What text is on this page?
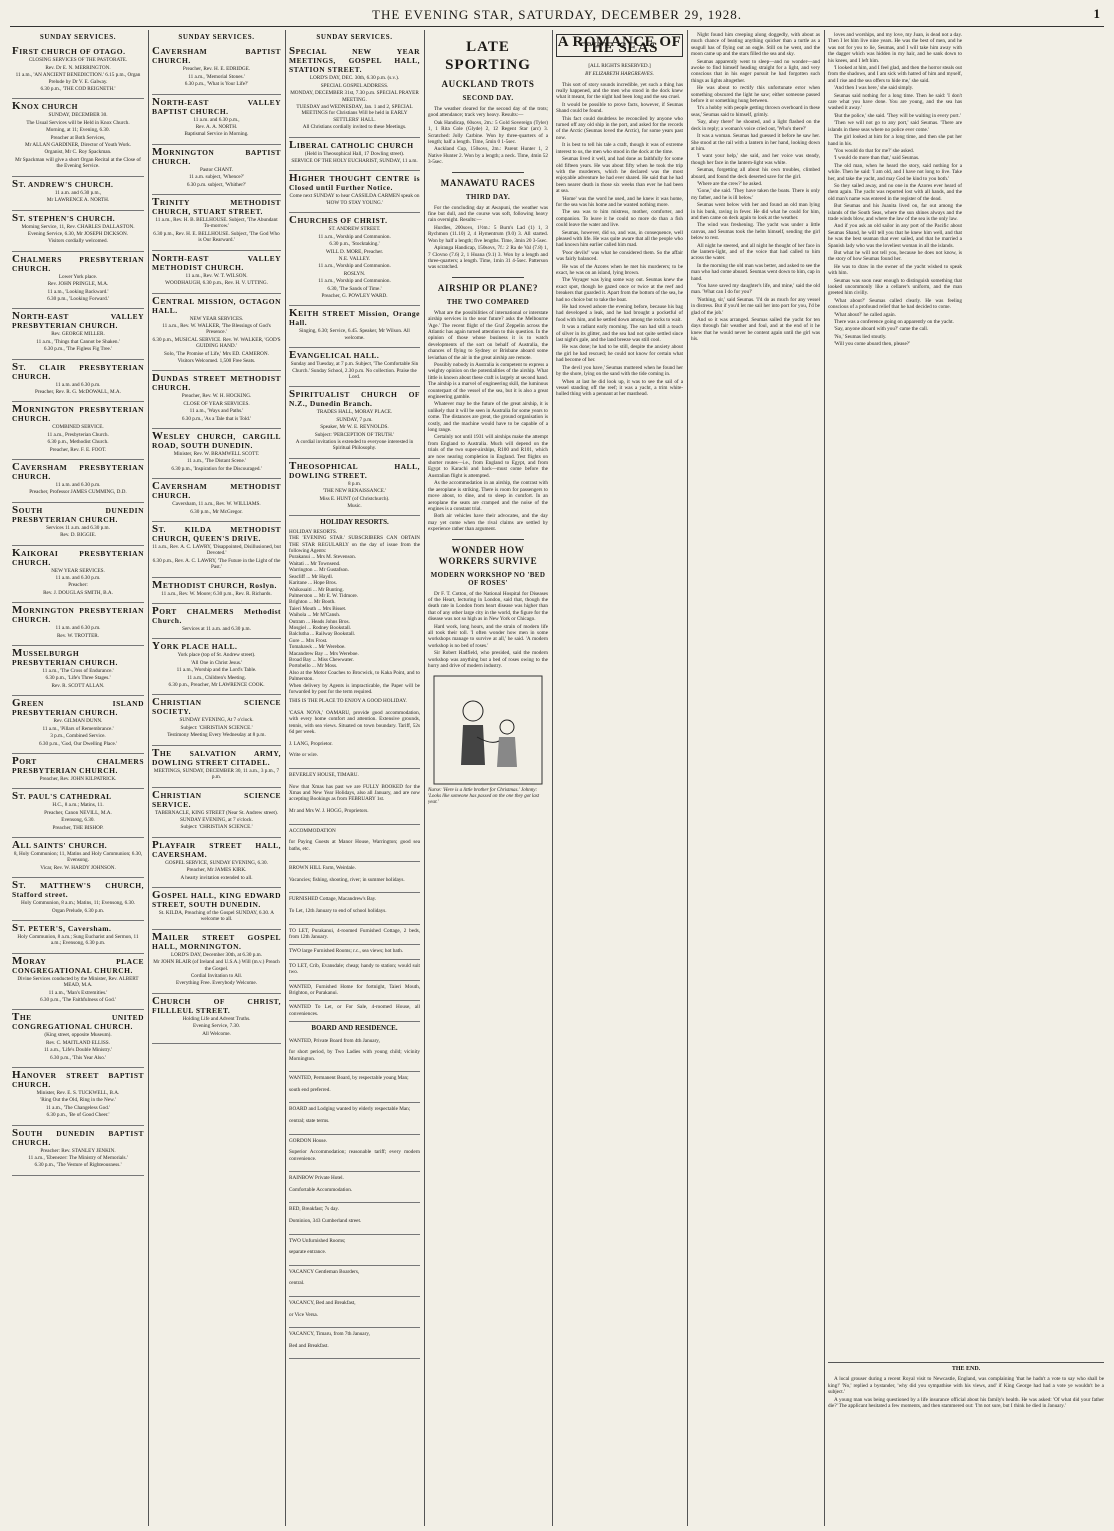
THE EVENING STAR, SATURDAY, DECEMBER 29, 1928.	1
SUNDAY SERVICES.
FIRST CHURCH OF OTAGO.

CLOSING SERVICES OF THE PASTORATE.

Rev. Dr E. N. MERRINGTON.

11 a.m., 'AN ANCIENT BENEDICTION.' 6.15 p.m., Organ Prelude by Dr V. E. Galway.

6.30 p.m., 'THE COD REIGNETH.'

KNOX CHURCH

SUNDAY, DECEMBER 30.

The Usual Services will be Held in Knox Church.

Morning, at 11; Evening, 6.30.

Preacher at Both Services,

Mr ALLAN GARDINER, Director of Youth Work.

Organist, Mr C. Roy Spackman.

Mr Spackman will give a short Organ Recital at the Close of the Evening Service.

ST. ANDREW'S CHURCH.

11 a.m. and 6.30 p.m.,

Mr LAWRENCE A. NORTH.

ST. STEPHEN'S CHURCH.

Morning Service, 11, Rev. CHARLES DALLASTON.

Evening Service, 6.30, Mr JOSEPH DICKSON.

Visitors cordially welcomed.

CHALMERS PRESBYTERIAN CHURCH.

Lower York place.

Rev. JOHN PRINGLE, M.A.

11 a.m., 'Looking Backward.'

6.30 p.m., 'Looking Forward.'

NORTH-EAST VALLEY PRESBYTERIAN CHURCH.

Rev. GEORGE MILLER.

11 a.m., 'Things that Cannot be Shaken.'

6.30 p.m., 'The Figless Fig Tree.'

ST. CLAIR PRESBYTERIAN CHURCH.

11 a.m. and 6.30 p.m.

Preacher, Rev. R. G. McDOWALL, M.A.

MORNINGTON PRESBYTERIAN CHURCH.

COMBINED SERVICE.

11 a.m., Presbyterian Church.

6.30 p.m., Methodist Church.

Preacher, Rev. F. E. FOOT.

CAVERSHAM PRESBYTERIAN CHURCH.

11 a.m. and 6.30 p.m.

Preacher, Professor JAMES CUMMING, D.D.

SOUTH DUNEDIN PRESBYTERIAN CHURCH.

Services 11 a.m. and 6.30 p.m.

Rev. D. BIGGIE.

KAIKORAI PRESBYTERIAN CHURCH.

NEW YEAR SERVICES.

11 a.m. and 6.30 p.m.

Preacher:

Rev. J. DOUGLAS SMITH, B.A.

MORNINGTON PRESBYTERIAN CHURCH.

11 a.m. and 6.30 p.m.

Rev. W. TROTTER.

MUSSELBURGH PRESBYTERIAN CHURCH.

11 a.m., 'The Cross of Endurance.'

6.30 p.m., 'Life's Three Stages.'

Rev. R. SCOTT ALLAN.

GREEN ISLAND PRESBYTERIAN CHURCH.

Rev. GILMAN DUNN.

11 a.m., 'Pillars of Remembrance.'

3 p.m., Combined Service.

6.30 p.m., 'God, Our Dwelling Place.'

PORT CHALMERS PRESBYTERIAN CHURCH.

Preacher, Rev. JOHN KILPATRICK.

ST. PAUL'S CATHEDRAL

H.C., 8 a.m.; Matins, 11.

Preacher, Canon NEVILL, M.A.

Evensong, 6.30.

Preacher, THE BISHOP.

ALL SAINTS' CHURCH.

8, Holy Communion; 11, Matins and Holy Communion; 6.30, Evensong.

Vicar, Rev. W. HARDY JOHNSON.

ST. MATTHEW'S CHURCH, Stafford street.

Holy Communion, 8 a.m.; Matins, 11; Evensong, 6.30.

Organ Prelude, 6.30 p.m.

ST. PETER'S, Caversham.

Holy Communion, 8 a.m.; Sung Eucharist and Sermon, 11 a.m.; Evensong, 6.30 p.m.

MORAY PLACE CONGREGATIONAL CHURCH.

Divine Services conducted by the Minister, Rev. ALBERT MEAD, M.A.

11 a.m., 'Man's Extremities.'

6.30 p.m., 'The Faithfulness of God.'

THE UNITED CONGREGATIONAL CHURCH.

(King street, opposite Museum).

Rev. C. MAITLAND ELLISS.

11 a.m., 'Life's Double Ministry.'

6.30 p.m., 'This Year Also.'

HANOVER STREET BAPTIST CHURCH.

Minister, Rev. E. S. TUCKWELL, B.A.

'Ring Out the Old, Ring in the New.'

11 a.m., 'The Changeless God.'

6.30 p.m., 'Be of Good Cheer.'

SOUTH DUNEDIN BAPTIST CHURCH.

Preacher: Rev. STANLEY JENKIN.

11 a.m., 'Ebenezer: The Ministry of Memorials.'

6.30 p.m., 'The Vesture of Righteousness.'

SUNDAY SERVICES.
CAVERSHAM BAPTIST CHURCH.

Preacher, Rev. H. E. EDRIDGE.

11 a.m., 'Memorial Stones.'

6.30 p.m., 'What is Your Life?'

NORTH-EAST VALLEY BAPTIST CHURCH.

11 a.m. and 6.30 p.m.,

Rev. A. A. NORTH.

Baptismal Service in Morning.

MORNINGTON BAPTIST CHURCH.

Pastor CHANT.

11 a.m. subject, 'Whence?'

6.30 p.m. subject, 'Whither?'

TRINITY METHODIST CHURCH, STUART STREET.

11 a.m., Rev. H. B. BELLHOUSE. Subject, 'The Abundant To-morrow.'

6.30 p.m., Rev. H. E. BELLHOUSE. Subject, 'The God Who is Our Rearward.'

NORTH-EAST VALLEY METHODIST CHURCH.

11 a.m., Rev. W. T. WILSON.

WOODHAUGH, 6.30 p.m., Rev. H. V. UTTING.

CENTRAL MISSION, OCTAGON HALL.

NEW YEAR SERVICES.

11 a.m., Rev. W. WALKER, 'The Blessings of God's Presence.'

6.30 p.m., MUSICAL SERVICE. Rev. W. WALKER, 'GOD'S GUIDING HAND.'

Solo, 'The Promise of Life,' Mrs ED. CAMERON.

Visitors Welcomed. 1,500 Free Seats.

DUNDAS STREET METHODIST CHURCH.

Preacher, Rev. W. H. HOCKING.

CLOSE OF YEAR SERVICES.

11 a.m., 'Ways and Paths.'

6.30 p.m., 'As a Tale that is Told.'

WESLEY CHURCH, CARGILL ROAD, SOUTH DUNEDIN.

Minister, Rev. W. BRAMWELL SCOTT.

11 a.m., 'The Distant Scene.'

6.30 p.m., 'Inspiration for the Discouraged.'

CAVERSHAM METHODIST CHURCH.

Caversham, 11 a.m., Rev. W. WILLIAMS.

6.30 p.m., Mr McGregor.

ST. KILDA METHODIST CHURCH, QUEEN'S DRIVE.

11 a.m., Rev. A. C. LAWRY, 'Disappointed, Disillusioned, but Devoted.'

6.30 p.m., Rev. A. C. LAWRY, 'The Future in the Light of the Past.'

METHODIST CHURCH, Roslyn.

11 a.m., Rev. W. Moore; 6.30 p.m., Rev. R. Richards.

PORT CHALMERS Methodist Church.

Services at 11 a.m. and 6.30 p.m.

YORK PLACE HALL.

York place (top of St. Andrew street).

'All One in Christ Jesus.'

11 a.m., Worship and the Lord's Table.

11 a.m., Children's Meeting.

6.30 p.m., Preacher, Mr LAWRENCE COOK.

CHRISTIAN SCIENCE SOCIETY.

SUNDAY EVENING, At 7 o'clock.

Subject: 'CHRISTIAN SCIENCE.'

Testimony Meeting Every Wednesday at 8 p.m.

THE SALVATION ARMY, DOWLING STREET CITADEL.

MEETINGS, SUNDAY, DECEMBER 30, 11 a.m., 3 p.m., 7 p.m.

CHRISTIAN SCIENCE SERVICE.

TABERNACLE, KING STREET (Near St. Andrew street).

SUNDAY EVENING, at 7 o'clock.

Subject: 'CHRISTIAN SCIENCE.'

PLAYFAIR STREET HALL, CAVERSHAM.

GOSPEL SERVICE, SUNDAY EVENING, 6.30.

Preacher, Mr JAMES KIRK.

A hearty invitation extended to all.

GOSPEL HALL, KING EDWARD STREET, SOUTH DUNEDIN.

St. KILDA, Preaching of the Gospel SUNDAY, 6.30. A welcome to all.

MAILER STREET GOSPEL HALL, MORNINGTON.

LORD'S DAY, December 30th, at 6.30 p.m.

Mr JOHN BLAIR (of Ireland and U.S.A.) Will (m.v.) Preach the Gospel.

Cordial Invitation to All.

Everything Free. Everybody Welcome.

CHURCH OF CHRIST, FILLLEUL STREET.

Holding Life and Advent Truths.

Evening Service, 7.30.

All Welcome.

SUNDAY SERVICES.
SPECIAL NEW YEAR MEETINGS, GOSPEL HALL, STATION STREET.

LORD'S DAY, DEC. 30th, 6.30 p.m. (s.v.).

SPECIAL GOSPEL ADDRESS.

MONDAY, DECEMBER 31st, 7.30 p.m. SPECIAL PRAYER MEETING.

TUESDAY and WEDNESDAY, Jan. 1 and 2, SPECIAL MEETINGS for Christians Will be held in EARLY SETTLERS' HALL.

All Christians cordially invited to these Meetings.

LIBERAL CATHOLIC CHURCH

(Held in Theosophical Hall, 17 Dowling street).

SERVICE OF THE HOLY EUCHARIST, SUNDAY, 11 a.m.

HIGHER THOUGHT CENTRE is Closed until Further Notice.

Come next SUNDAY to hear CASSILDA CARMEN speak on 'HOW TO STAY YOUNG.'

CHURCHES OF CHRIST.

ST. ANDREW STREET.

11 a.m., Worship and Communion.

6.30 p.m., 'Stocktaking.'

WILL D. MORE, Preacher.

N.E. VALLEY.

11 a.m., Worship and Communion.

ROSLYN.

11 a.m., Worship and Communion.

6.30, 'The Sands of Time.'

Preacher, G. POWLEY WARD.

KEITH STREET Mission, Orange Hall.

Singing, 6.30; Service, 6.45. Speaker, Mr Wilson. All welcome.

EVANGELICAL HALL.

Sunday and Tuesday, at 7 p.m. Subject, 'The Comfortable Sin Church.' Sunday School, 2.30 p.m. No collection. Praise the Lord.

SPIRITUALIST CHURCH OF N.Z., Dunedin Branch.

TRADES HALL, MORAY PLACE.

SUNDAY, 7 p.m.

Speaker, Mr W. E. REYNOLDS.

Subject: 'PERCEPTION OF TRUTH.'

A cordial invitation is extended to everyone interested in Spiritual Philosophy.

THEOSOPHICAL HALL, DOWLING STREET.

8 p.m.

'THE NEW RENAISSANCE.'

Miss E. HUNT (of Christchurch).

Music.

HOLIDAY RESORTS.

HOLIDAY RESORTS.

THE 'EVENING STAR.' SUBSCRIBERS CAN OBTAIN THE STAR REGULARLY on the day of issue from the following Agents:

Purakanui ... Mrs M. Stevenson.

Waitati ... Mr Townsend.

Warrington ... Mr Gustafson.

Seacliff ... Mr Haydl.

Karitane ... Hope Bros.

Waikouaiti ... Mr Bunting.

Palmerston ... Mr E. W. Tidmore.

Brighton ... Mr Booth.

Taieri Mouth ... Mrs Bisset.

Waihola ... Mr M'Cansh.

Outram ... Heads Johns Bros.

Mosgiel ... Rodney Bookstall.

Balclutha ... Railway Bookstall.

Gore ... Mrs Frost.

Tomahawk ... Mr Wereboe.

Macandrew Bay ... Mrs Wereboe.

Broad Bay ... Miss Chewwater.

Portobello ... Mr Moss.

Also at the Motor Coaches to Brocwick, to Kaka Point, and to Palmerston.

When delivery by Agents is impracticable, the Paper will be forwarded by post for the term required.

THIS IS THE PLACE TO ENJOY A GOOD HOLIDAY.

'CASA NOVA,' OAMARU, provide good accommodation, with every home comfort and attention. Extensive grounds, tennis, with sea views. Situated on town boundary. Tariff, 52s 6d per week.

J. LANG, Proprietor.

Write or wire.

BEVERLEY HOUSE, TIMARU.

Now that Xmas has past we are FULLY BOOKED for the Xmas and New Year Holidays, also all January, and are now accepting Bookings as from FEBRUARY 1st.

Mr and Mrs W. J. HOGG, Proprietors.

ACCOMMODATION

for Paying Guests at Manor House, Warrington; good sea baths, etc.

BROWN HILL Farm, Weirdale.

Vacancies; fishing, shooting, river; in summer holidays.

FURNISHED Cottage, Macandrew's Bay.

To Let, 12th January to end of school holidays.

TO LET, Purakanui, 4-roomed Furnished Cottage, 2 beds, from 12th January.
TWO large Furnished Rooms; r.c., sea views; hot bath.
TO LET, Crib, Evansdale; cheap; handy to station; would suit two.
WANTED, Furnished Home for fortnight, Taieri Mouth, Brighton, or Purakanui.
WANTED To Let, or For Sale, 4-roomed House, all conveniences.
BOARD AND RESIDENCE.
WANTED, Private Board from 4th January,

for short period, by Two Ladies with young child; vicinity Mornington.

WANTED, Permanent Board, by respectable young Man;

south end preferred.

BOARD and Lodging wanted by elderly respectable Man;

central; state terms.

GORDON House.

Superior Accommodation; reasonable tariff; every modern convenience.

RAINBOW Private Hotel.

Comfortable Accommodation.

BED, Breakfast; 7s day.

Dominion, 343 Cumberland street.

TWO Unfurnished Rooms;

separate entrance.

VACANCY Gentleman Boarders,

central.

VACANCY, Bed and Breakfast,

or Vice Versa.

VACANCY, Timaru, from 7th January,

Bed and Breakfast.

LATE SPORTING
AUCKLAND TROTS
SECOND DAY.

The weather cleared for the second day of the trots; good attendance; track very heavy. Results:—

Oak Handicap, 60sovs, 2m.: 5 Gold Sovereign (Tyler) 1, 1 Rita Cole (Glyde) 2, 12 Regent Star (arc) 3. Scratched: Jolly Carbine. Won by three-quarters of a length; half a length. Time, 5min 0 1-5sec.

Auckland Cup, 150sovs, 2m.: Parent Hunter 1, 2 Native Hunter 2. Won by a length; a neck. Time, 4min 52 3-5sec.

MANAWATU RACES
THIRD DAY.

For the concluding day at Awapuni, the weather was fine but dull, and the course was soft, following heavy rain overnight. Results:—

Hurdles, 200sovs, 1½m.: 5 Burn's Lad (1) 1, 3 Rychmon (11.10) 2, 4 Hymentrum (9.0) 3. All started. Won by half a length; five lengths. Time, 3min 20 3-5sec.

Apiranga Handicap, 150sovs, 7f.: 2 Ra de Val (7.8) 1, 7 Clovno (7.6) 2, 1 Hoana (9.1) 3. Won by a length and three-quarters; a length. Time, 1min 31 4-5sec. Patterson was scratched.

AIRSHIP OR PLANE?
THE TWO COMPARED

What are the possibilities of international or interstate airship services in the near future? asks the Melbourne 'Age.' The recent flight of the Graf Zeppelin across the Atlantic has again turned attention to this question. In the opinion of those whose business it is to watch developments of the sort on behalf of Australia, the chances of flying to Sydney or Brisbane aboard some leviathan of the air in the great airship are remote.

Possibly nobody in Australia is competent to express a weighty opinion on the potentialities of the airship. What little is known about these craft is largely at second hand. The airship is a marvel of engineering skill, the luminous counterpart of the vessel of the sea, but it is also a great engineering gamble.

Whatever may be the future of the great airship, it is unlikely that it will be seen in Australia for some years to come. The distances are great, the ground organisation is costly, and the machine would have to be capable of a long range.

Certainly not until 1931 will airships make the attempt from England to Australia. Much will depend on the trials of the two super-airships, R100 and R101, which are now nearing completion in England. Test flights on shorter routes—i.e., from England to Egypt, and from Egypt to Karachi and back—must come before the Australian flight is attempted.

As the accommodation in an airship, the contrast with the aeroplane is striking. There is room for passengers to move about, to dine, and to sleep in comfort. In an aeroplane the seats are cramped and the noise of the engines is a constant trial.

Both air vehicles have their advocates, and the day may yet come when the rival claims are settled by experience rather than argument.

WONDER HOW WORKERS SURVIVE
MODERN WORKSHOP NO 'BED OF ROSES'

Dr F. T. Cotton, of the National Hospital for Diseases of the Heart, lecturing in London, said that, though the death rate in London from heart disease was higher than that of any other large city in the world, the figure for the disease was not so high as in New York or Chicago.

Hard work, long hours, and the strain of modern life all took their toll. 'I often wonder how men in some workshops manage to survive at all,' he said. 'A modern workshop is no bed of roses.'

Sir Robert Hadfield, who presided, said the modern workshop was anything but a bed of roses owing to the hurry and drive of modern industry.

Nurse: 'Here is a little brother for Christmas.' Johnny: 'Looks like someone has passed on the one they got last year.'
A ROMANCE OF THE SEAS
[ALL RIGHTS RESERVED.]
BY ELIZABETH HARGREAVES.

This sort of story sounds incredible, yet such a thing has really happened, and the men who stood in the dock knew what it meant, for the night had been long and the sea cruel.

It would be possible to prove facts, however, if Seumas Shand could be found.

This fact could doubtless be reconciled by anyone who turned off any old ship in the port, and asked for the records of the Arctic (Seumas loved the Arctic), for some years past now.

It is best to tell his tale a craft, though it was of extreme interest to us, the men who stood in the dock at the time.

Seumas lived it well, and had done as faithfully for some old fifteen years. He was about fifty when he took the trip with the murderers, which he declared was the most enjoyable adventure he had ever shared. He said that he had been nearer death in those six weeks than ever he had been at sea.

'Home' was the word he used, and he knew it was home, for the sea was his home and he wanted nothing more.

The sea was to him mistress, mother, comforter, and companion. To leave it he could no more do than a fish could leave the water and live.

Seumas, however, did so, and was, in consequence, well pleased with life. He was quite aware that all the people who had known him earlier called him mad.

'Poor devils!' was what he considered them. So the affair was fairly balanced.

He was of the Azores when he met his murderers; to be exact, he was on an island, lying brown.

The Voyager was lying some way out. Seumas knew the exact spot, though he gazed once or twice at the reef and breakers that guarded it. Apart from the bottom of the sea, he had no choice but to take the boat.

He had rowed ashore the evening before, because his bag had developed a leak, and he had brought a pocketful of food with him, and he settled down among the rocks to wait.

It was a radiant early morning. The sun had still a touch of silver in its glitter, and the sea had not quite settled since last night's gale, and the land breeze was still cool.

He was done; he had to be still, despite the anxiety about the girl he had rescued; he could not know for certain what had become of her.

The devil you have,' Seumas muttered when he found her by the shore, lying on the sand with the tide coming in.

When at last he did look up, it was to see the sail of a vessel standing off the reef; it was a yacht, a trim white-hulled thing with a pennant at her masthead.

Night found him creeping along doggedly, with about as much chance of beating anything quicker than a turtle as a seagull has of flying out an eagle. Still on he went, and the moon came up and the stars filled the sea and sky.

Seumas apparently went to sleep—and no wonder—and awoke to find himself heading straight for a light, and very conscious that in his eager pursuit he had forgotten such things as lights altogether.

He was about to rectify this unfortunate error when something obscured the light he saw; either someone passed before it or something hung between.

'It's a hobby with people getting thrown overboard in these seas,' Seumas said to himself, grimly.

'Say, ahoy there!' he shouted, and a light flashed on the deck in reply; a woman's voice cried out, 'Who's there?'

It was a woman. Seumas had guessed it before he saw her. She stood at the rail with a lantern in her hand, looking down at him.

'I want your help,' she said, and her voice was steady, though her face in the lantern-light was white.

Seumas, forgetting all about his own troubles, climbed aboard, and found the deck deserted save for the girl.

'Where are the crew?' he asked.

'Gone,' she said. 'They have taken the boats. There is only my father, and he is ill below.'

Seumas went below with her and found an old man lying in his bunk, raving in fever. He did what he could for him, and then came on deck again to look at the weather.

The wind was freshening. The yacht was under a little canvas, and Seumas took the helm himself, sending the girl below to rest.

All night he steered, and all night he thought of her face in the lantern-light, and of the voice that had called to him across the water.

In the morning the old man was better, and asked to see the man who had come aboard. Seumas went down to him, cap in hand.

'You have saved my daughter's life, and mine,' said the old man. 'What can I do for you?'

'Nothing, sir,' said Seumas. 'I'd do as much for any vessel in distress. But if you'd let me sail her into port for you, I'd be glad of the job.'

And so it was arranged. Seumas sailed the yacht for ten days through fair weather and foul, and at the end of it he knew that he would never be content again until the girl was his.

loves and worships, and my love, my Juan, is dead not a day. Then I let him live nine years. He was the best of men, and he was not for you to lie, Seumas, and I will take him away with the dagger which was hidden in my hair, and he sank down to his knees, and I left him.

'I looked at him, and I feel glad, and then the horror steals out from the shadows, and I am sick with hatred of him and myself, and I rise and the sea offers to hide me,' she said.

'And then I was here,' she said simply.

Seumas said nothing for a long time. Then he said: 'I don't care what you have done. You are young, and the sea has washed it away.'

'But the police,' she said. 'They will be waiting in every port.'

'Then we will not go to any port,' said Seumas. 'There are islands in these seas where no police ever come.'

The girl looked at him for a long time, and then she put her hand in his.

'You would do that for me?' she asked.

'I would do more than that,' said Seumas.

The old man, when he heard the story, said nothing for a while. Then he said: 'I am old, and I have not long to live. Take her, and take the yacht, and may God be kind to you both.'

So they sailed away, and no one in the Azores ever heard of them again. The yacht was reported lost with all hands, and the old man's name was entered in the register of the dead.

But Seumas and his Juanita lived on, far out among the islands of the South Seas, where the sun shines always and the trade winds blow, and where the law of the sea is the only law.

And if you ask an old sailor in any port of the Pacific about Seumas Shand, he will tell you that he knew him well, and that he was the best seaman that ever sailed, and that he married a Spanish lady who was the loveliest woman in all the islands.

But what he will not tell you, because he does not know, is the story of how Seumas found her.

He was to draw in the owner of the yacht wished to speak with him.

Seumas was soon near enough to distinguish something that looked uncommonly like a cellarer's uniform, and the man greeted him civilly.

'What about?' Seumas called clearly. He was feeling conscious of a profound relief that he had decided to come.

'What about?' he called again.

There was a conference going on apparently on the yacht.

'Say, anyone aboard with you?' came the call.

'No,' Seumas lied stoutly.

'Will you come aboard then, please?'

THE END.
A local grouser during a recent Royal visit to Newcastle, England, was complaining 'that he hadn't a vote to say who shall be king!' 'No,' replied a bystander, 'why did you sympathise with his views, and' if King George had had a vote ye wouldn't be a subject.'
A young man was being questioned by a life insurance official about his family's health. He was asked: 'Of what did your father die?' The applicant hesitated a few moments, and then stammered out: 'I'm not sure, but I think he died in January.'
